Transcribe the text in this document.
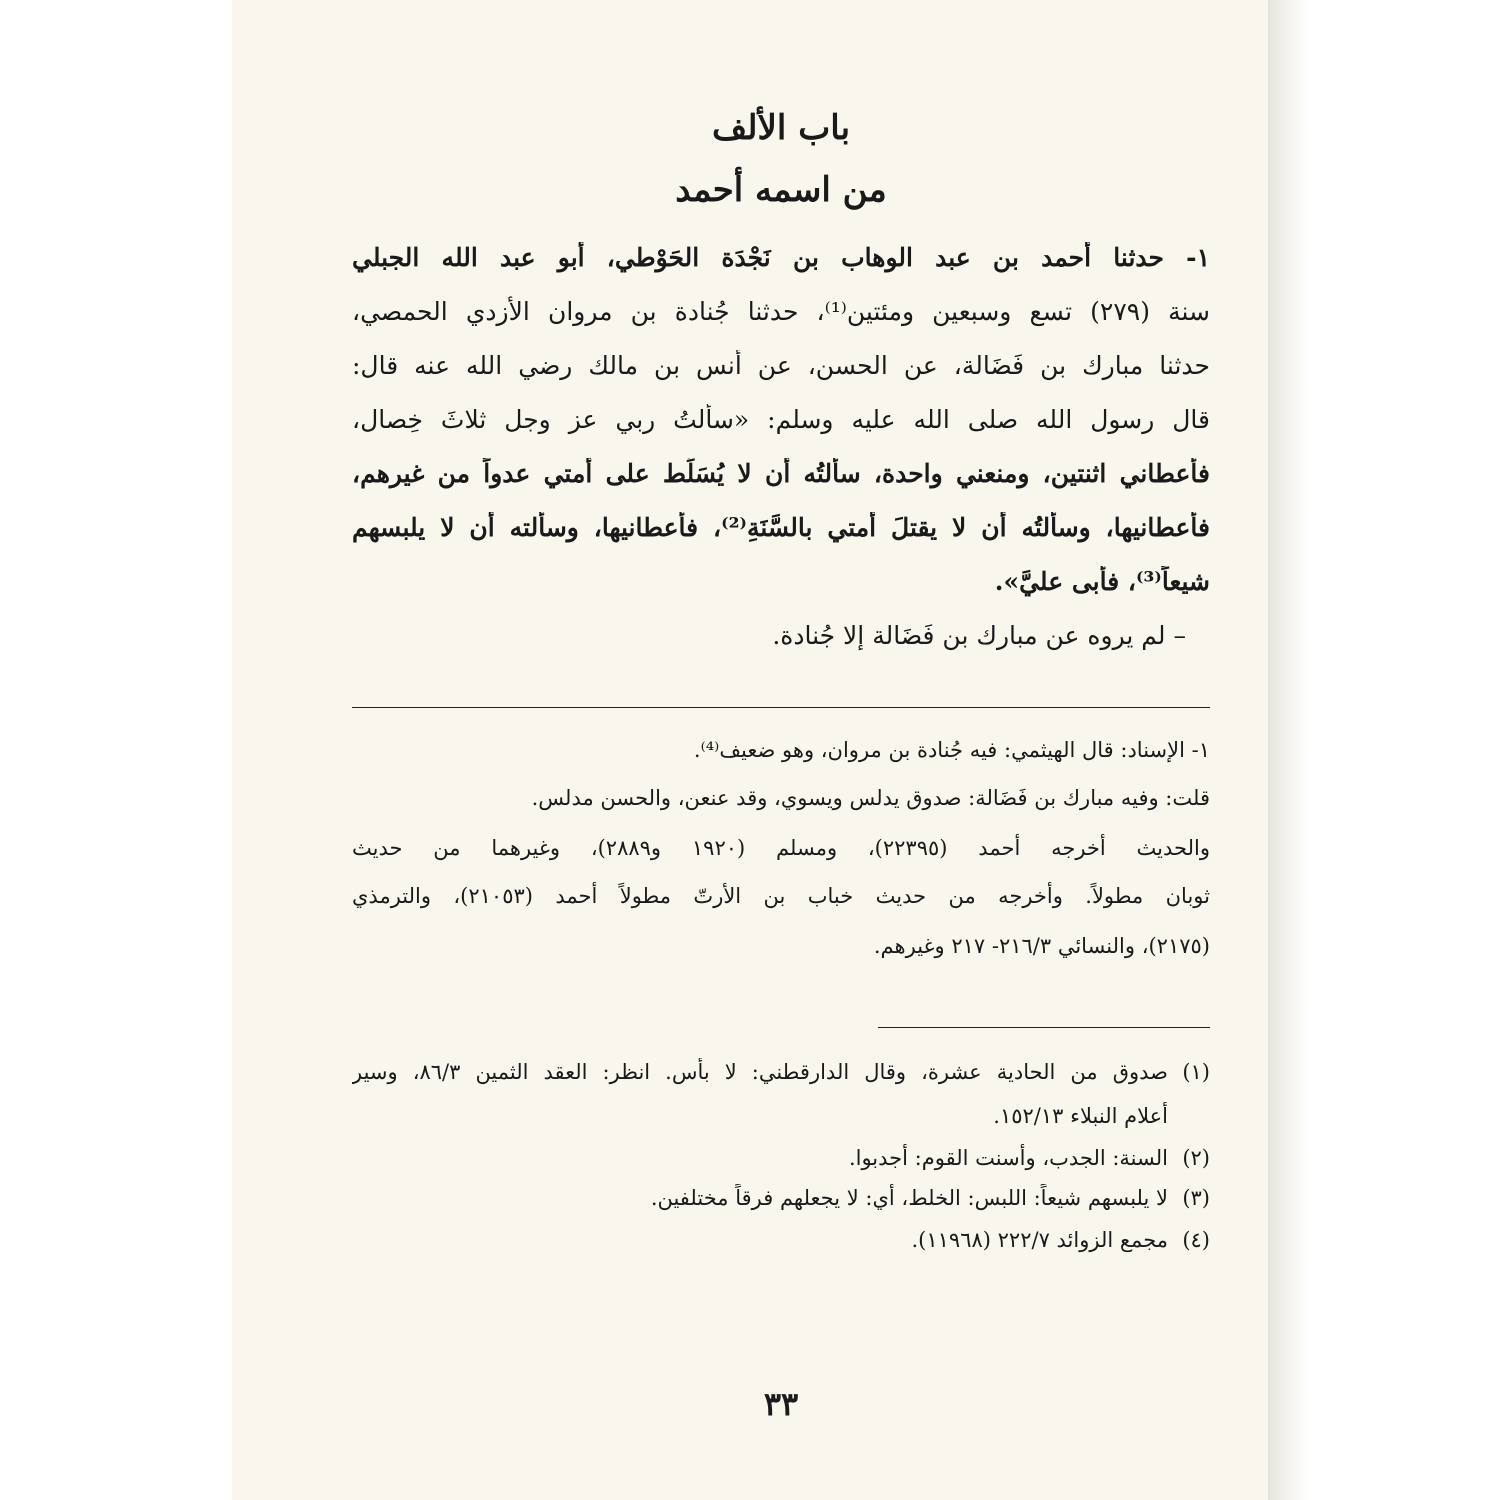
باب الألف
من اسمه أحمد
١- حدثنا أحمد بن عبد الوهاب بن نَجْدَة الحَوْطي، أبو عبد الله الجبلي
سنة (٢٧٩) تسع وسبعين ومئتين⁽¹⁾، حدثنا جُنادة بن مروان الأزدي الحمصي،
حدثنا مبارك بن فَضَالة، عن الحسن، عن أنس بن مالك رضي الله عنه قال:
قال رسول الله صلى الله عليه وسلم: «سألتُ ربي عز وجل ثلاثَ خِصال،
فأعطاني اثنتين، ومنعني واحدة، سألتُه أن لا يُسَلِّط على أمتي عدواً من غيرهم،
فأعطانيها، وسألتُه أن لا يقتلَ أمتي بالسَّنَةِ⁽²⁾، فأعطانيها، وسألته أن لا يلبسهم
شيعاً⁽³⁾، فأبى عليَّ».
– لم يروه عن مبارك بن فَضَالة إلا جُنادة.
١- الإسناد: قال الهيثمي: فيه جُنادة بن مروان، وهو ضعيف⁽⁴⁾.
قلت: وفيه مبارك بن فَضَالة: صدوق يدلس ويسوي، وقد عنعن، والحسن مدلس.
والحديث أخرجه أحمد (٢٢٣٩٥)، ومسلم (١٩٢٠ و٢٨٨٩)، وغيرهما من حديث
ثوبان مطولاً. وأخرجه من حديث خباب بن الأرتّ مطولاً أحمد (٢١٠٥٣)، والترمذي
(٢١٧٥)، والنسائي ٢١٦/٣- ٢١٧ وغيرهم.
(١)صدوق من الحادية عشرة، وقال الدارقطني: لا بأس. انظر: العقد الثمين ٨٦/٣، وسير
أعلام النبلاء ١٥٢/١٣.
(٢)السنة: الجدب، وأسنت القوم: أجدبوا.
(٣)لا يلبسهم شيعاً: اللبس: الخلط، أي: لا يجعلهم فرقاً مختلفين.
(٤)مجمع الزوائد ٢٢٢/٧ (١١٩٦٨).
٣٣
